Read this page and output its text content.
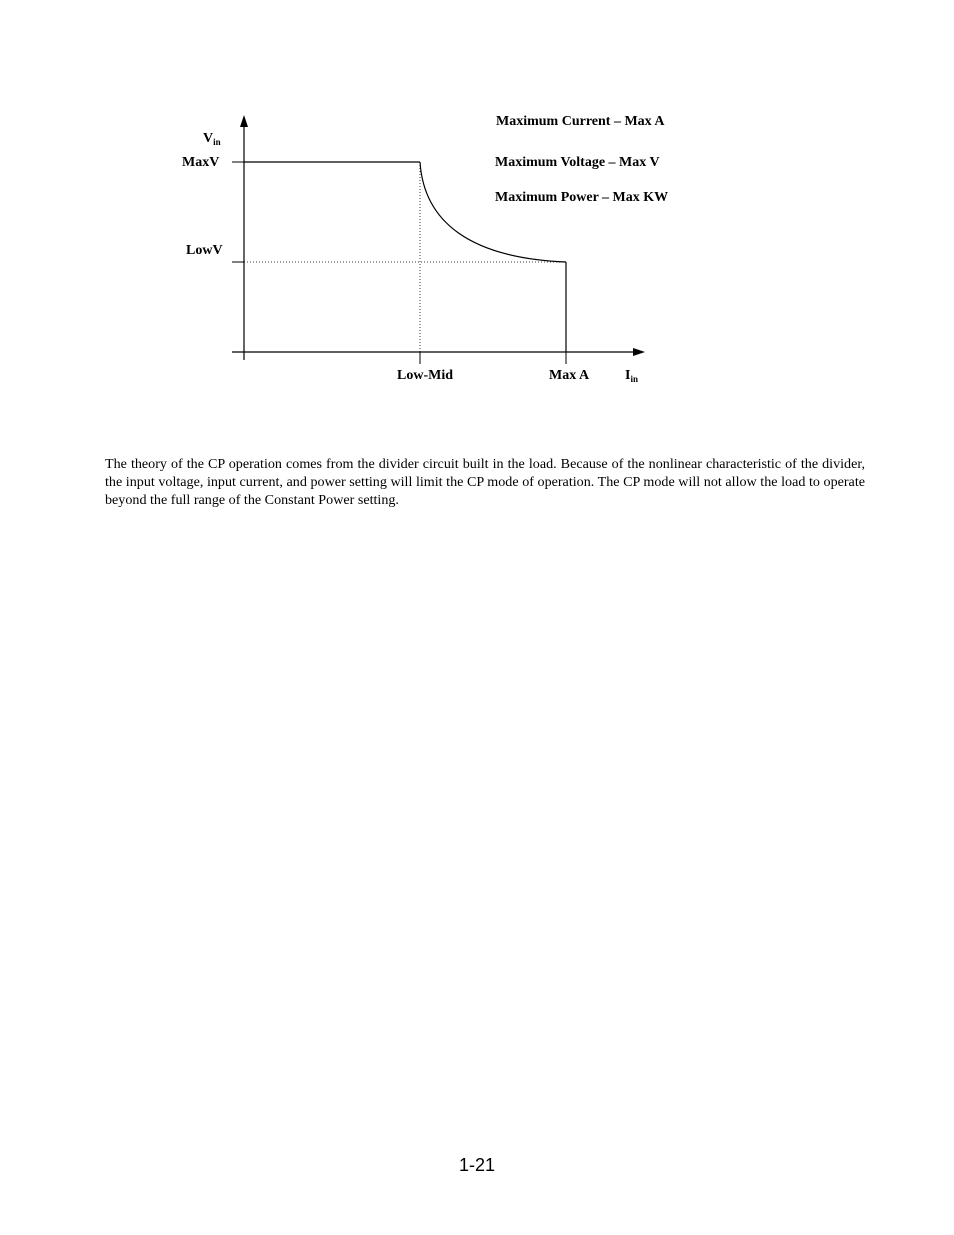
$V_{in}$
MaxV
LowV
Low-Mid	Max A	$I_{in}$
Maximum Current – Max A
Maximum Voltage – Max V
Maximum Power – Max KW

The theory of the CP operation comes from the divider circuit built in the load. Because of the nonlinear characteristic of the divider, the input voltage, input current, and power setting will limit the CP mode of operation. The CP mode will not allow the load to operate beyond the full range of the Constant Power setting.

1-21
